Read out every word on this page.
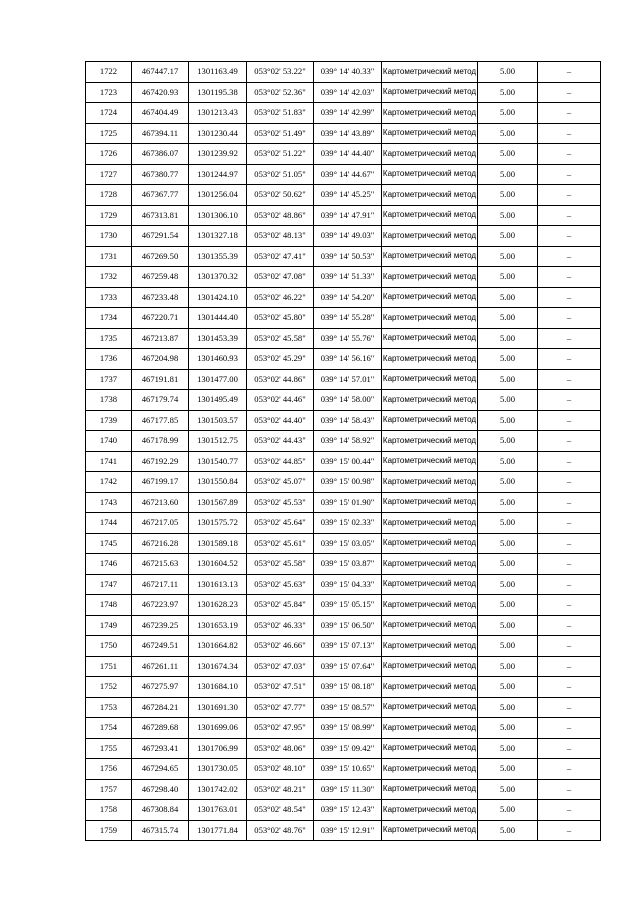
1722	467447.17	1301163.49	053°02' 53.22"	039° 14' 40.33"	Картометрический метод	5.00	–
1723	467420.93	1301195.38	053°02' 52.36"	039° 14' 42.03"	Картометрический метод	5.00	–
1724	467404.49	1301213.43	053°02' 51.83"	039° 14' 42.99"	Картометрический метод	5.00	–
1725	467394.11	1301230.44	053°02' 51.49"	039° 14' 43.89"	Картометрический метод	5.00	–
1726	467386.07	1301239.92	053°02' 51.22"	039° 14' 44.40"	Картометрический метод	5.00	–
1727	467380.77	1301244.97	053°02' 51.05"	039° 14' 44.67"	Картометрический метод	5.00	–
1728	467367.77	1301256.04	053°02' 50.62"	039° 14' 45.25"	Картометрический метод	5.00	–
1729	467313.81	1301306.10	053°02' 48.86"	039° 14' 47.91"	Картометрический метод	5.00	–
1730	467291.54	1301327.18	053°02' 48.13"	039° 14' 49.03"	Картометрический метод	5.00	–
1731	467269.50	1301355.39	053°02' 47.41"	039° 14' 50.53"	Картометрический метод	5.00	–
1732	467259.48	1301370.32	053°02' 47.08"	039° 14' 51.33"	Картометрический метод	5.00	–
1733	467233.48	1301424.10	053°02' 46.22"	039° 14' 54.20"	Картометрический метод	5.00	–
1734	467220.71	1301444.40	053°02' 45.80"	039° 14' 55.28"	Картометрический метод	5.00	–
1735	467213.87	1301453.39	053°02' 45.58"	039° 14' 55.76"	Картометрический метод	5.00	–
1736	467204.98	1301460.93	053°02' 45.29"	039° 14' 56.16"	Картометрический метод	5.00	–
1737	467191.81	1301477.00	053°02' 44.86"	039° 14' 57.01"	Картометрический метод	5.00	–
1738	467179.74	1301495.49	053°02' 44.46"	039° 14' 58.00"	Картометрический метод	5.00	–
1739	467177.85	1301503.57	053°02' 44.40"	039° 14' 58.43"	Картометрический метод	5.00	–
1740	467178.99	1301512.75	053°02' 44.43"	039° 14' 58.92"	Картометрический метод	5.00	–
1741	467192.29	1301540.77	053°02' 44.85"	039° 15' 00.44"	Картометрический метод	5.00	–
1742	467199.17	1301550.84	053°02' 45.07"	039° 15' 00.98"	Картометрический метод	5.00	–
1743	467213.60	1301567.89	053°02' 45.53"	039° 15' 01.90"	Картометрический метод	5.00	–
1744	467217.05	1301575.72	053°02' 45.64"	039° 15' 02.33"	Картометрический метод	5.00	–
1745	467216.28	1301589.18	053°02' 45.61"	039° 15' 03.05"	Картометрический метод	5.00	–
1746	467215.63	1301604.52	053°02' 45.58"	039° 15' 03.87"	Картометрический метод	5.00	–
1747	467217.11	1301613.13	053°02' 45.63"	039° 15' 04.33"	Картометрический метод	5.00	–
1748	467223.97	1301628.23	053°02' 45.84"	039° 15' 05.15"	Картометрический метод	5.00	–
1749	467239.25	1301653.19	053°02' 46.33"	039° 15' 06.50"	Картометрический метод	5.00	–
1750	467249.51	1301664.82	053°02' 46.66"	039° 15' 07.13"	Картометрический метод	5.00	–
1751	467261.11	1301674.34	053°02' 47.03"	039° 15' 07.64"	Картометрический метод	5.00	–
1752	467275.97	1301684.10	053°02' 47.51"	039° 15' 08.18"	Картометрический метод	5.00	–
1753	467284.21	1301691.30	053°02' 47.77"	039° 15' 08.57"	Картометрический метод	5.00	–
1754	467289.68	1301699.06	053°02' 47.95"	039° 15' 08.99"	Картометрический метод	5.00	–
1755	467293.41	1301706.99	053°02' 48.06"	039° 15' 09.42"	Картометрический метод	5.00	–
1756	467294.65	1301730.05	053°02' 48.10"	039° 15' 10.65"	Картометрический метод	5.00	–
1757	467298.40	1301742.02	053°02' 48.21"	039° 15' 11.30"	Картометрический метод	5.00	–
1758	467308.84	1301763.01	053°02' 48.54"	039° 15' 12.43"	Картометрический метод	5.00	–
1759	467315.74	1301771.84	053°02' 48.76"	039° 15' 12.91"	Картометрический метод	5.00	–
